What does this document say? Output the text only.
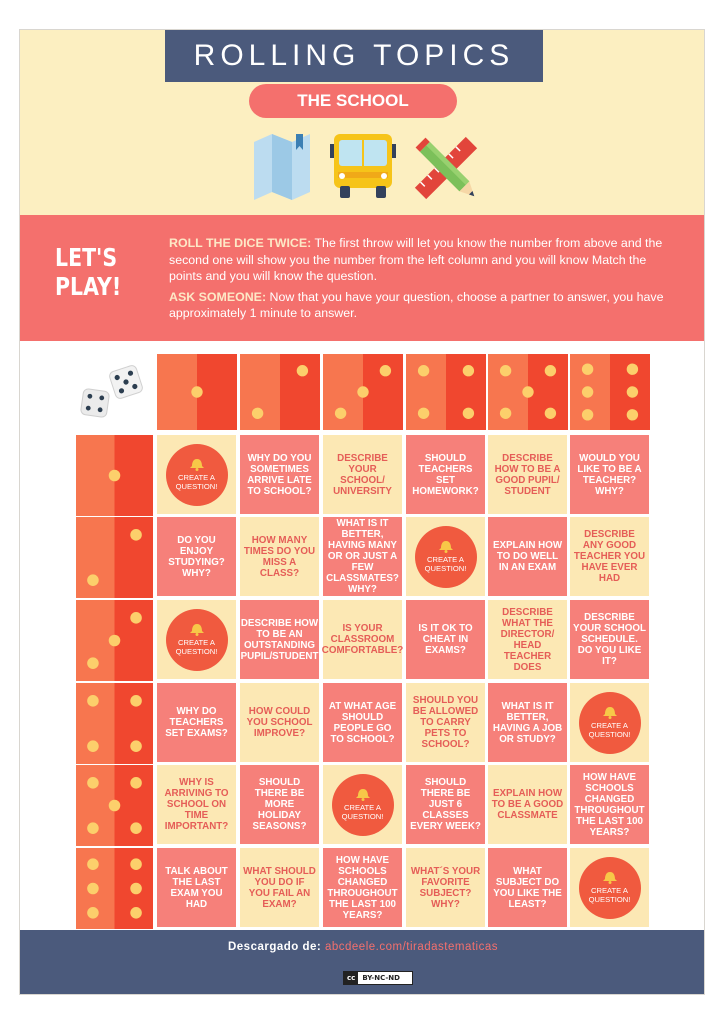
ROLLING TOPICS
THE SCHOOL
LET'S
PLAY!

ROLL THE DICE TWICE: The first throw will let you know the number from above and the second one will show you the number from the left column and you will know Match the points and you will know the question.

ASK SOMEONE: Now that you have your question, choose a partner to answer, you have approximately 1 minute to answer.

CREATE A
QUESTION!
WHY DO YOU SOMETIMES ARRIVE LATE TO SCHOOL?
DESCRIBE YOUR SCHOOL/ UNIVERSITY
SHOULD TEACHERS SET HOMEWORK?
DESCRIBE HOW TO BE A GOOD PUPIL/ STUDENT
WOULD YOU LIKE TO BE A TEACHER? WHY?
DO YOU ENJOY STUDYING? WHY?
HOW MANY TIMES DO YOU MISS A CLASS?
WHAT IS IT BETTER, HAVING MANY OR OR JUST A FEW CLASSMATES? WHY?
CREATE A
QUESTION!
EXPLAIN HOW TO DO WELL IN AN EXAM
DESCRIBE ANY GOOD TEACHER YOU HAVE EVER HAD
CREATE A
QUESTION!
DESCRIBE HOW TO BE AN OUTSTANDING PUPIL/STUDENT
IS YOUR CLASSROOM COMFORTABLE?
IS IT OK TO CHEAT IN EXAMS?
DESCRIBE WHAT THE DIRECTOR/ HEAD TEACHER DOES
DESCRIBE YOUR SCHOOL SCHEDULE. DO YOU LIKE IT?
WHY DO TEACHERS SET EXAMS?
HOW COULD YOU SCHOOL IMPROVE?
AT WHAT AGE SHOULD PEOPLE GO TO SCHOOL?
SHOULD YOU BE ALLOWED TO CARRY PETS TO SCHOOL?
WHAT IS IT BETTER, HAVING A JOB OR STUDY?
CREATE A
QUESTION!
WHY IS ARRIVING TO SCHOOL ON TIME IMPORTANT?
SHOULD THERE BE MORE HOLIDAY SEASONS?
CREATE A
QUESTION!
SHOULD THERE BE JUST 6 CLASSES EVERY WEEK?
EXPLAIN HOW TO BE A GOOD CLASSMATE
HOW HAVE SCHOOLS CHANGED THROUGHOUT THE LAST 100 YEARS?
TALK ABOUT THE LAST EXAM YOU HAD
WHAT SHOULD YOU DO IF YOU FAIL AN EXAM?
HOW HAVE SCHOOLS CHANGED THROUGHOUT THE LAST 100 YEARS?
WHAT´S YOUR FAVORITE SUBJECT? WHY?
WHAT SUBJECT DO YOU LIKE THE LEAST?
CREATE A
QUESTION!
Descargado de: abcdeele.com/tiradastematicas
cc	BY-NC-ND
